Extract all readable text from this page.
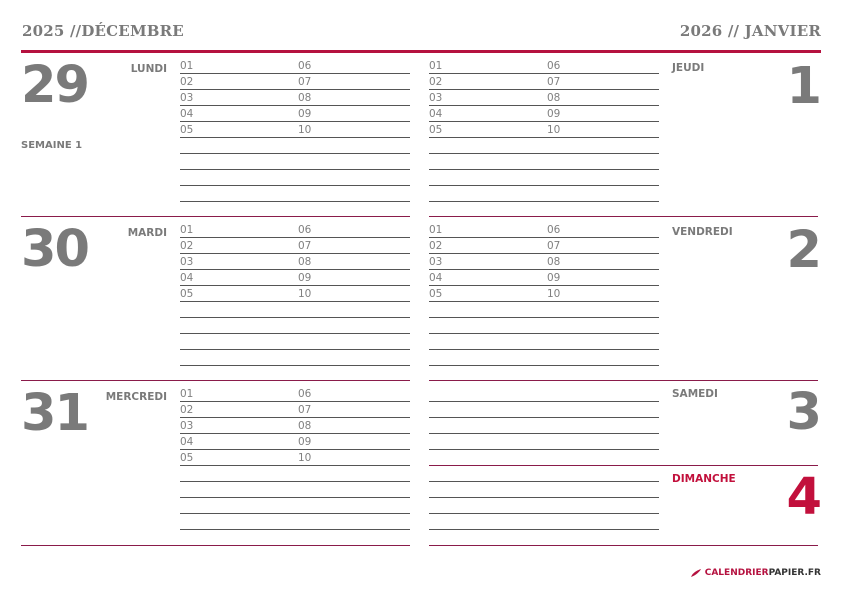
2025 //DÉCEMBRE	2026 // JANVIER
29	LUNDI 01	06
02	07
03	08
04	09
05	10
30	MARDI 01	06
02	07
03	08
04	09
05	10
31 MERCREDI 01	06
02	07
03	08
04	09
05	10
SEMAINE 1
01	06
02	07
03	08
04	09
05	10
01	06
02	07
03	08
04	09
05	10
JEUDI 1
VENDREDI 2
SAMEDI 3
DIMANCHE 4
CALENDRIER PAPIER.FR
